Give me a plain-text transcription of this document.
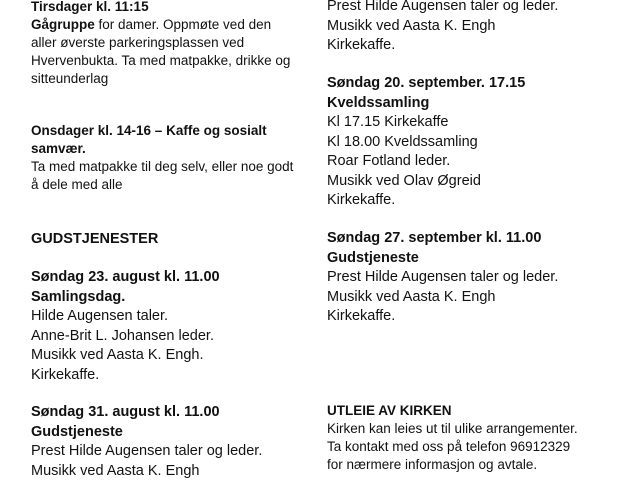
Tirsdager kl. 11:15

Gågruppe for damer. Oppmøte ved den aller øverste parkeringsplassen ved Hvervenbukta. Ta med matpakke, drikke og sitteunderlag

Onsdager kl. 14-16 – Kaffe og sosialt samvær.

Ta med matpakke til deg selv, eller noe godt å dele med alle

GUDSTJENESTER

Søndag 23. august kl. 11.00

Samlingsdag.

Hilde Augensen taler.

Anne-Brit L. Johansen leder.

Musikk ved Aasta K. Engh.

Kirkekaffe.

Søndag 31. august kl. 11.00

Gudstjeneste

Prest Hilde Augensen taler og leder.

Musikk ved Aasta K. Engh

Prest Hilde Augensen taler og leder.

Musikk ved Aasta K. Engh

Kirkekaffe.

Søndag 20. september. 17.15

Kveldssamling

Kl 17.15 Kirkekaffe

Kl 18.00 Kveldssamling

Roar Fotland leder.

Musikk ved Olav Øgreid

Kirkekaffe.

Søndag 27. september kl. 11.00

Gudstjeneste

Prest Hilde Augensen taler og leder.

Musikk ved Aasta K. Engh

Kirkekaffe.

UTLEIE AV KIRKEN

Kirken kan leies ut til ulike arrangementer. Ta kontakt med oss på telefon 96912329 for nærmere informasjon og avtale.
